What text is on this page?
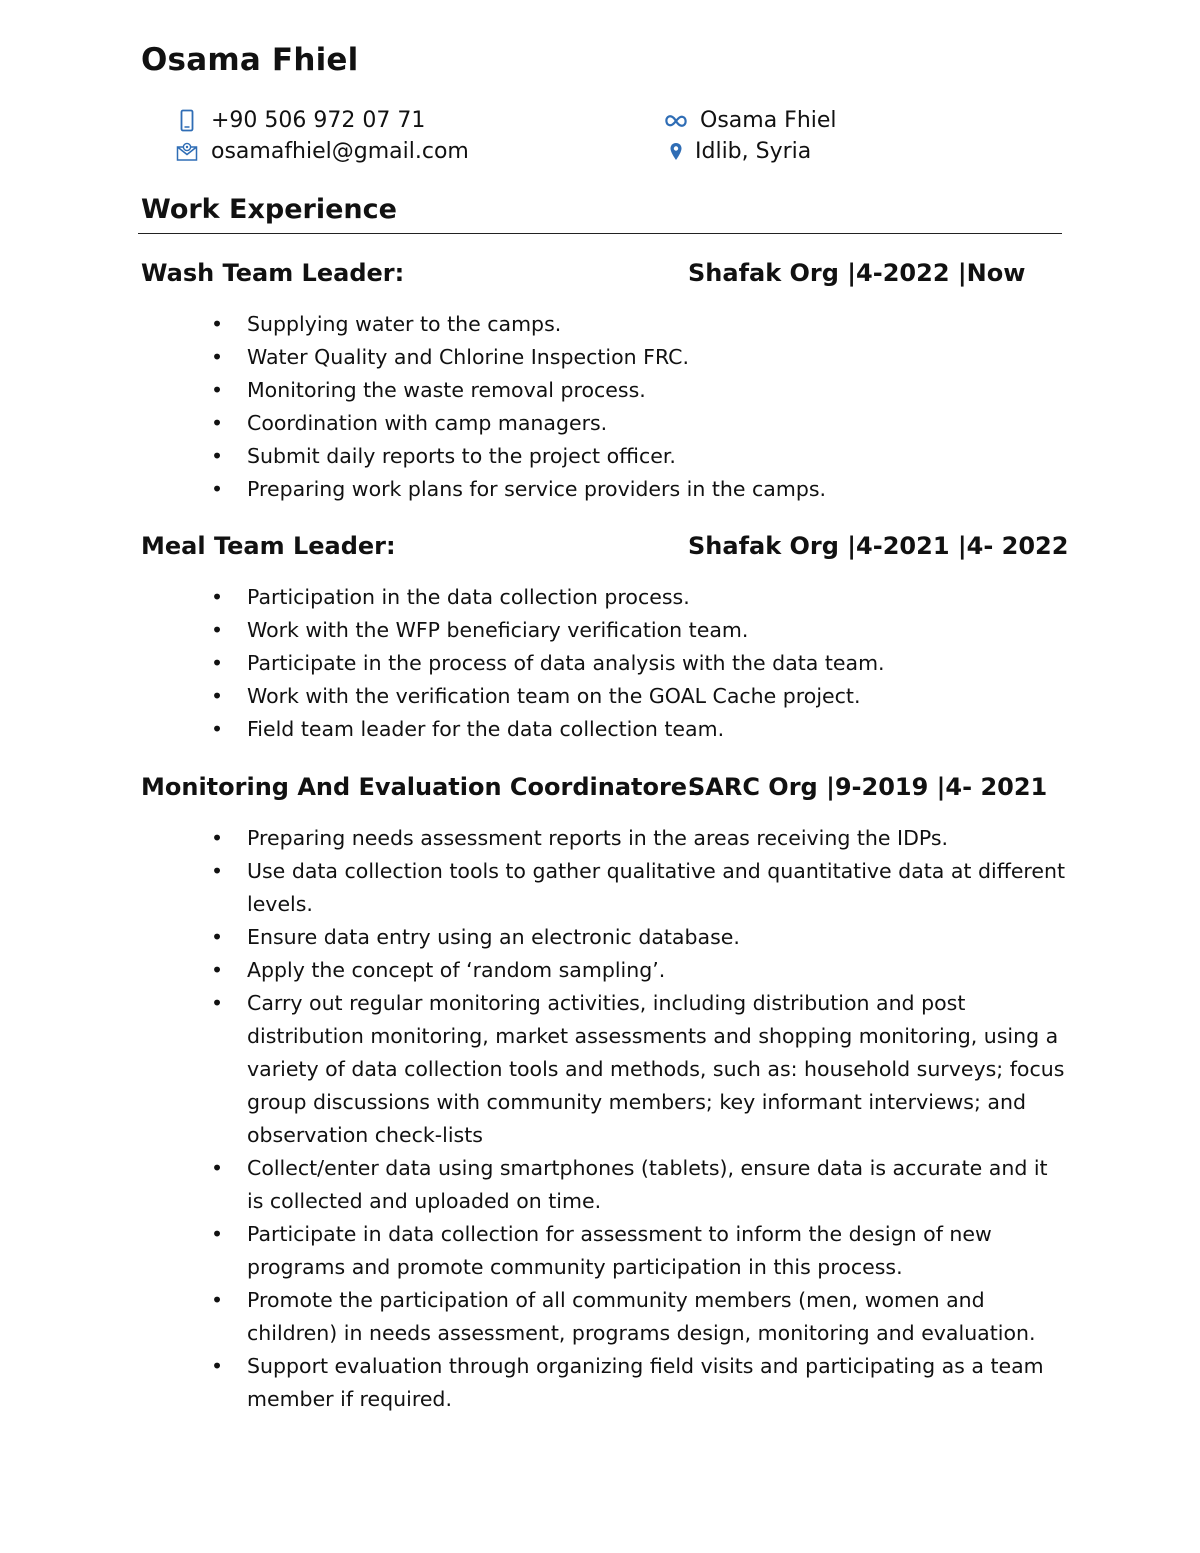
Osama Fhiel
+90 506 972 07 71
osamafhiel@gmail.com
Osama Fhiel
Idlib, Syria
Work Experience
Wash Team Leader:	Shafak Org |4-2022 |Now
• Supplying water to the camps.
• Water Quality and Chlorine Inspection FRC.
• Monitoring the waste removal process.
• Coordination with camp managers.
• Submit daily reports to the project officer.
• Preparing work plans for service providers in the camps.
Meal Team Leader:	Shafak Org |4-2021 |4- 2022
• Participation in the data collection process.
• Work with the WFP beneficiary verification team.
• Participate in the process of data analysis with the data team.
• Work with the verification team on the GOAL Cache project.
• Field team leader for the data collection team.
Monitoring And Evaluation Coordinatore:
SARC Org |9-2019 |4- 2021
• Preparing needs assessment reports in the areas receiving the IDPs.
• Use data collection tools to gather qualitative and quantitative data at different levels.
• Ensure data entry using an electronic database.
• Apply the concept of ‘random sampling’.
• Carry out regular monitoring activities, including distribution and post distribution monitoring, market assessments and shopping monitoring, using a variety of data collection tools and methods, such as: household surveys; focus group discussions with community members; key informant interviews; and observation check-lists
• Collect/enter data using smartphones (tablets), ensure data is accurate and it is collected and uploaded on time.
• Participate in data collection for assessment to inform the design of new programs and promote community participation in this process.
• Promote the participation of all community members (men, women and children) in needs assessment, programs design, monitoring and evaluation.
• Support evaluation through organizing field visits and participating as a team member if required.
